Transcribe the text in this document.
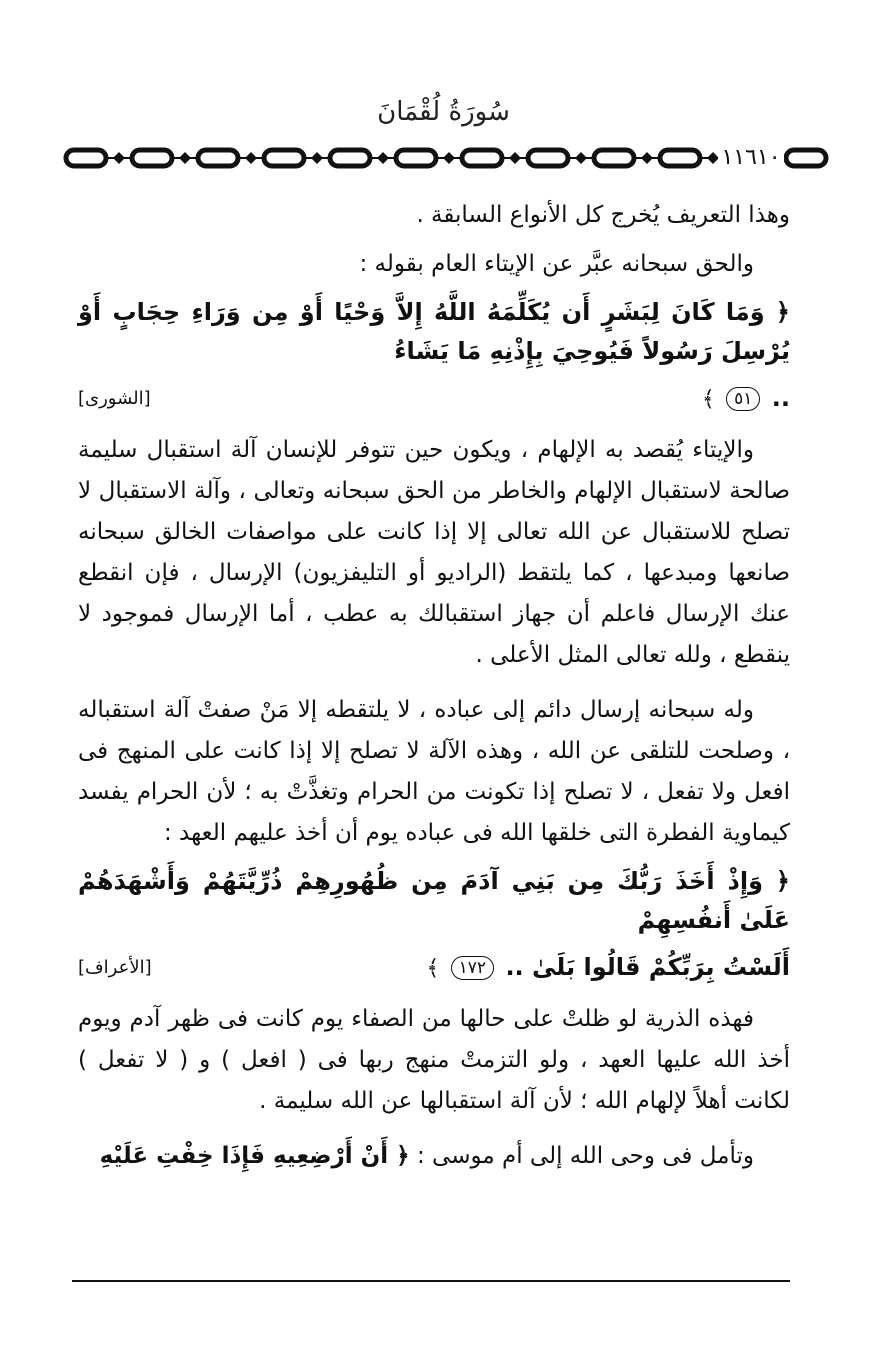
سُورَةُ لُقْمَانَ
١١٦١٠

وهذا التعريف يُخرج كل الأنواع السابقة .

والحق سبحانه عبَّر عن الإيتاء العام بقوله :

﴿ وَمَا كَانَ لِبَشَرٍ أَن يُكَلِّمَهُ اللَّهُ إِلاَّ وَحْيًا أَوْ مِن وَرَاءِ حِجَابٍ أَوْ يُرْسِلَ رَسُولاً فَيُوحِيَ بِإِذْنِهِ مَا يَشَاءُ
.. ٥١ ﴾
[الشورى]

والإيتاء يُقصد به الإلهام ، ويكون حين تتوفر للإنسان آلة استقبال سليمة صالحة لاستقبال الإلهام والخاطر من الحق سبحانه وتعالى ، وآلة الاستقبال لا تصلح للاستقبال عن الله تعالى إلا إذا كانت على مواصفات الخالق سبحانه صانعها ومبدعها ، كما يلتقط (الراديو أو التليفزيون) الإرسال ، فإن انقطع عنك الإرسال فاعلم أن جهاز استقبالك به عطب ، أما الإرسال فموجود لا ينقطع ، ولله تعالى المثل الأعلى .

وله سبحانه إرسال دائم إلى عباده ، لا يلتقطه إلا مَنْ صفتْ آلة استقباله ، وصلحت للتلقى عن الله ، وهذه الآلة لا تصلح إلا إذا كانت على المنهج فى افعل ولا تفعل ، لا تصلح إذا تكونت من الحرام وتغذَّتْ به ؛ لأن الحرام يفسد كيماوية الفطرة التى خلقها الله فى عباده يوم أن أخذ عليهم العهد :

﴿ وَإِذْ أَخَذَ رَبُّكَ مِن بَنِي آدَمَ مِن ظُهُورِهِمْ ذُرِّيَّتَهُمْ وَأَشْهَدَهُمْ عَلَىٰ أَنفُسِهِمْ
أَلَسْتُ بِرَبِّكُمْ قَالُوا بَلَىٰ .. ١٧٢ ﴾
[الأعراف]

فهذه الذرية لو ظلتْ على حالها من الصفاء يوم كانت فى ظهر آدم ويوم أخذ الله عليها العهد ، ولو التزمتْ منهج ربها فى ( افعل ) و ( لا تفعل ) لكانت أهلاً لإلهام الله ؛ لأن آلة استقبالها عن الله سليمة .

وتأمل فى وحى الله إلى أم موسى : ﴿ أَنْ أَرْضِعِيهِ فَإِذَا خِفْتِ عَلَيْهِ
